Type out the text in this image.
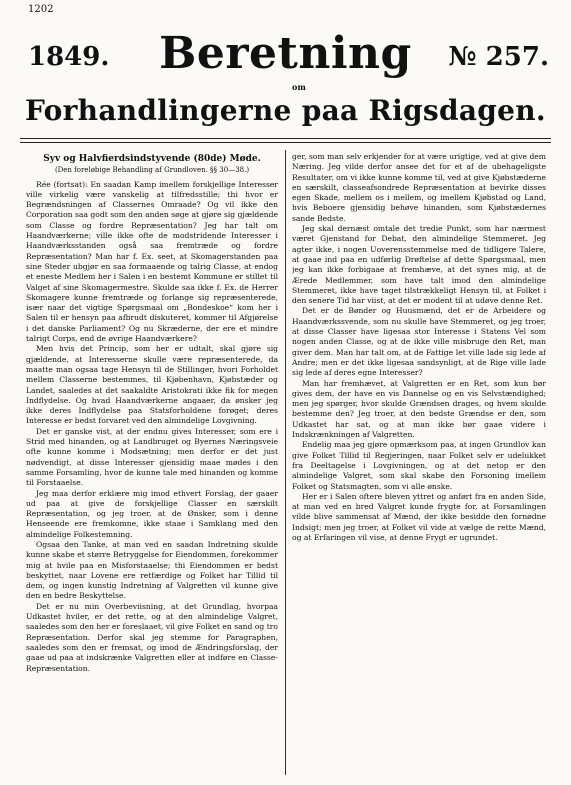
1202
1849.	Beretning
om
№ 257.
Forhandlingerne paa Rigsdagen.
Syv og Halvfierdsindstyvende (80de) Møde.
(Den foreløbige Behandling af Grundloven. §§ 30—38.)

Rée (fortsat): En saadan Kamp imellem forskjellige Interesser ville virkelig være vanskelig at tilfredsstille; thi hvor er Begrændsningen af Classernes Omraade? Og vil ikke den Corporation saa godt som den anden søge at gjøre sig gjældende som Classe og fordre Repræsentation? Jeg har talt om Haandværkerne; ville ikke ofte de modstridende Interesser i Haandværksstanden også saa fremtræde og fordre Repræsentation? Man har f. Ex. seet, at Skomagerstanden paa sine Steder ubgjør en saa formaaende og talrig Classe, at endog et eneste Medlem her i Salen i en bestemt Kommune er stillet til Valget af sine Skomagermestre. Skulde saa ikke f. Ex. de Herrer Skomagere kunne fremtræde og forlange sig repræsenterede, især naar det vigtige Spørgsmaal om „Bondeskoe“ kom her i Salen til er hensyn paa afbrudt diskuteret, kommer til Afgjørelse i det danske Parliament? Og nu Skræderne, der ere et mindre talrigt Corps, end de øvrige Haandværkere?

Men hvis det Princip, som her er udtalt, skal gjøre sig gjældende, at Interesserne skulle være repræsenterede, da maatte man ogsaa tage Hensyn til de Stillinger, hvori Forholdet mellem Classerne bestemmes, til Kjøbenhavn, Kjøbstæder og Landet, saaledes at det saakaldte Aristokrati ikke fik for megen Indflydelse. Og hvad Haandværkerne angaaer, da ønsker jeg ikke deres Indflydelse paa Statsforholdene forøget; deres Interesse er bedst forvaret ved den almindelige Lovgivning.

Det er ganske vist, at der endnu gives Interesser, som ere i Strid med hinanden, og at Landbruget og Byernes Næringsveie ofte kunne komme i Modsætning; men derfor er det just nødvendigt, at disse Interesser gjensidig maae mødes i den samme Forsamling, hvor de kunne tale med hinanden og komme til Forstaaelse.

Jeg maa derfor erklære mig imod ethvert Forslag, der gaaer ud paa at give de forskjellige Classer en særskilt Repræsentation, og jeg troer, at de Ønsker, som i denne Henseende ere fremkomne, ikke staae i Samklang med den almindelige Folkestemning.

Ogsaa den Tanke, at man ved en saadan Indretning skulde kunne skabe et større Betryggelse for Eiendommen, forekommer mig at hvile paa en Misforstaaelse; thi Eiendommen er bedst beskyttet, naar Lovene ere retfærdige og Folket har Tillid til dem, og ingen kunstig Indretning af Valgretten vil kunne give den en bedre Beskyttelse.

Det er nu min Overbeviisning, at det Grundlag, hvorpaa Udkastet hviler, er det rette, og at den almindelige Valgret, saaledes som den her er foreslaaet, vil give Folket en sand og tro Repræsentation. Derfor skal jeg stemme for Paragraphen, saaledes som den er fremsat, og imod de Ændringsforslag, der gaae ud paa at indskrænke Valgretten eller at indføre en Classe-Repræsentation.

ger, som man selv erkjender for at være urigtige, ved at give dem Næring. Jeg vilde derfor ansee det for et af de ubehageligste Resultater, om vi ikke kunne komme til, ved at give Kjøbstæderne en særskilt, classeafsondrede Repræsentation at bevirke disses egen Skade, mellem os i mellem, og imellem Kjøbstad og Land, hvis Beboere gjensidig behøve hinanden, som Kjøbstædernes sande Bedste.

Jeg skal dernæst omtale det tredie Punkt, som har nærmest været Gjenstand for Debat, den almindelige Stemmeret. Jeg agter ikke, i nogen Uoverensstemmelse med de tidligere Talere, at gaae ind paa en udførlig Drøftelse af dette Spørgsmaal, men jeg kan ikke forbigaae at fremhæve, at det synes mig, at de Ærede Medlemmer, som have talt imod den almindelige Stemmeret, ikke have taget tilstrækkeligt Hensyn til, at Folket i den senere Tid har viist, at det er modent til at udøve denne Ret.

Det er de Bønder og Huusmænd, det er de Arbeidere og Haandværkssvende, som nu skulle have Stemmeret, og jeg troer, at disse Classer have ligesaa stor Interesse i Statens Vel som nogen anden Classe, og at de ikke ville misbruge den Ret, man giver dem. Man har talt om, at de Fattige let ville lade sig lede af Andre; men er det ikke ligesaa sandsynligt, at de Rige ville lade sig lede af deres egne Interesser?

Man har fremhævet, at Valgretten er en Ret, som kun bør gives dem, der have en vis Dannelse og en vis Selvstændighed; men jeg spørger, hvor skulde Grændsen drages, og hvem skulde bestemme den? Jeg troer, at den bedste Grændse er den, som Udkastet har sat, og at man ikke bør gaae videre i Indskrænkningen af Valgretten.

Endelig maa jeg gjøre opmærksom paa, at ingen Grundlov kan give Folket Tillid til Regjeringen, naar Folket selv er udelukket fra Deeltagelse i Lovgivningen, og at det netop er den almindelige Valgret, som skal skabe den Forsoning imellem Folket og Statsmagten, som vi alle ønske.

Her er i Salen oftere bleven yttret og anført fra en anden Side, at man ved en bred Valgret kunde frygte for, at Forsamlingen vilde blive sammensat af Mænd, der ikke besidde den fornødne Indsigt; men jeg troer, at Folket vil vide at vælge de rette Mænd, og at Erfaringen vil vise, at denne Frygt er ugrundet.
